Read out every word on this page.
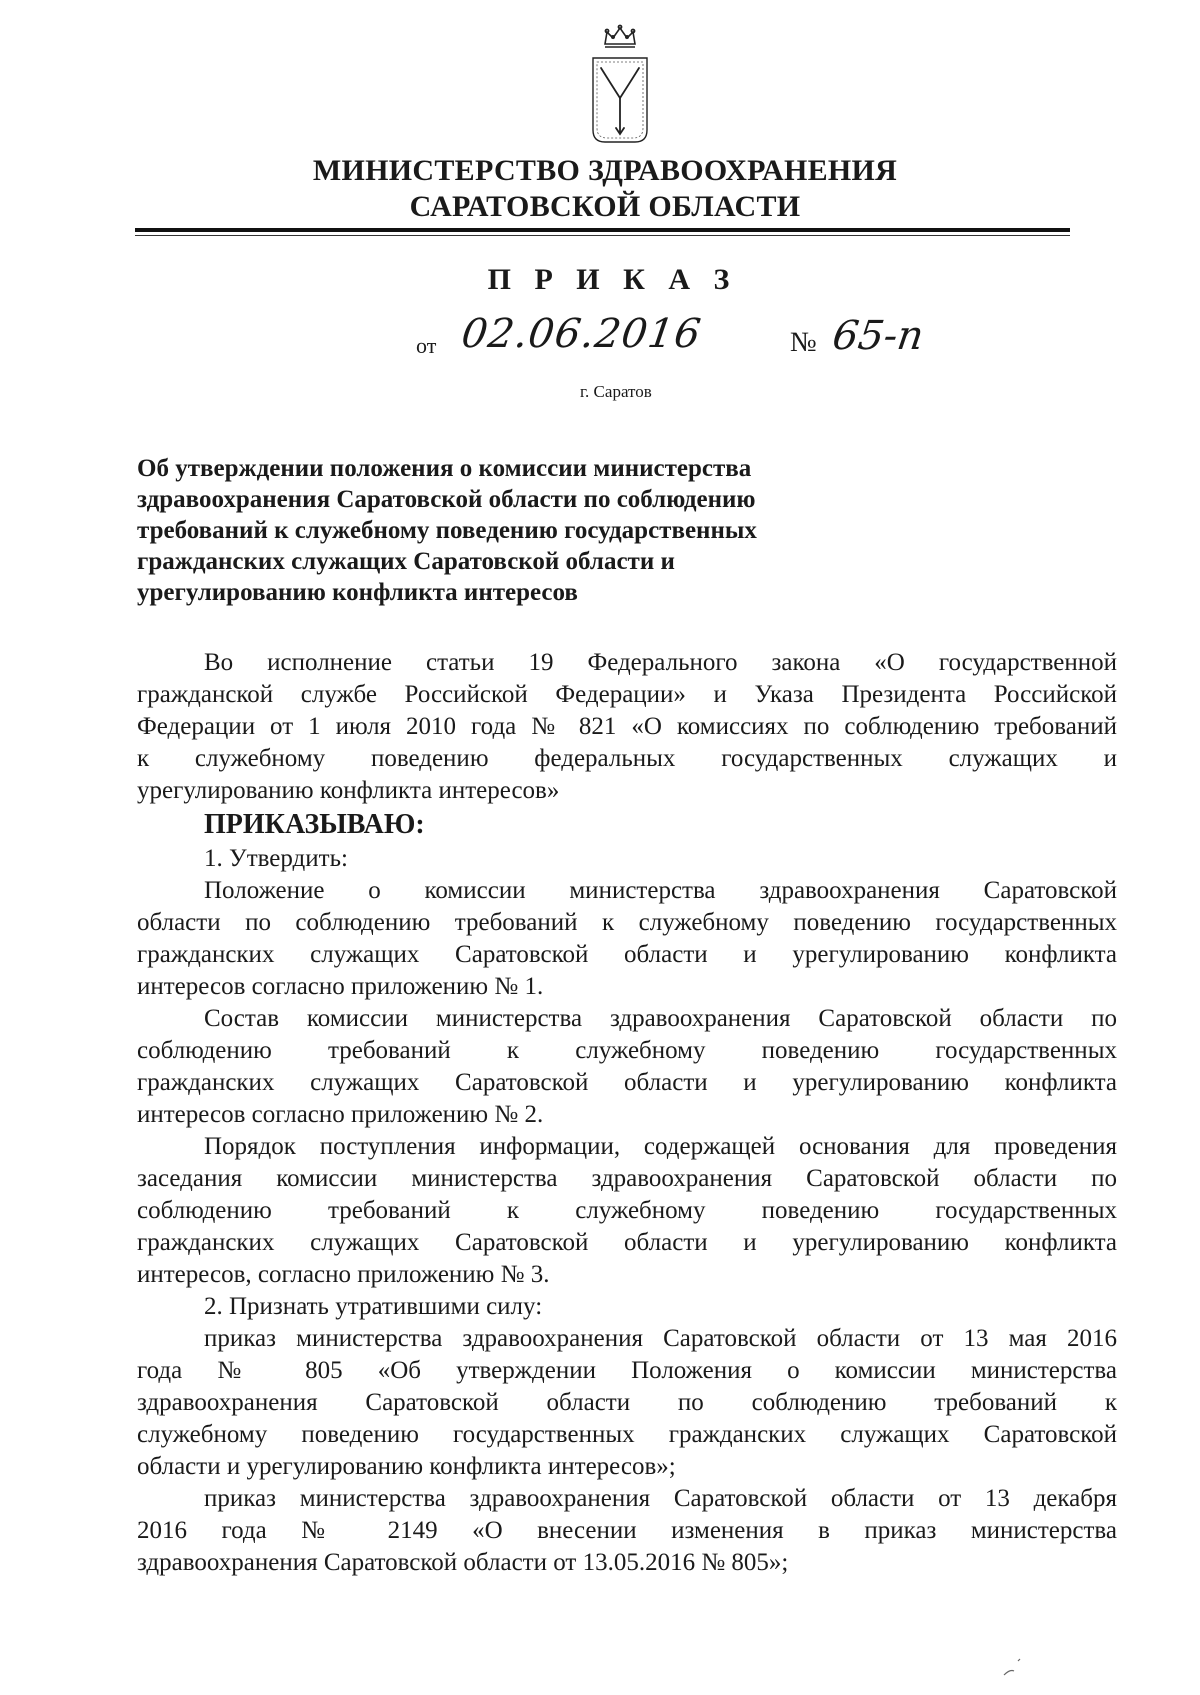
МИНИСТЕРСТВО ЗДРАВООХРАНЕНИЯ
САРАТОВСКОЙ ОБЛАСТИ
П Р И К А З
от 02.06.2016	№ 65-п
г. Саратов
Об утверждении положения о комиссии министерства
здравоохранения Саратовской области по соблюдению
требований к служебному поведению государственных
гражданских служащих Саратовской области и
урегулированию конфликта интересов
Во исполнение статьи 19 Федерального закона «О государственной
гражданской службе Российской Федерации» и Указа Президента Российской
Федерации от 1 июля 2010 года № 821 «О комиссиях по соблюдению требований
к служебному поведению федеральных государственных служащих и
урегулированию конфликта интересов»
ПРИКАЗЫВАЮ:
1. Утвердить:
Положение о комиссии министерства здравоохранения Саратовской
области по соблюдению требований к служебному поведению государственных
гражданских служащих Саратовской области и урегулированию конфликта
интересов согласно приложению № 1.
Состав комиссии министерства здравоохранения Саратовской области по
соблюдению требований к служебному поведению государственных
гражданских служащих Саратовской области и урегулированию конфликта
интересов согласно приложению № 2.
Порядок поступления информации, содержащей основания для проведения
заседания комиссии министерства здравоохранения Саратовской области по
соблюдению требований к служебному поведению государственных
гражданских служащих Саратовской области и урегулированию конфликта
интересов, согласно приложению № 3.
2. Признать утратившими силу:
приказ министерства здравоохранения Саратовской области от 13 мая 2016
года № 805 «Об утверждении Положения о комиссии министерства
здравоохранения Саратовской области по соблюдению требований к
служебному поведению государственных гражданских служащих Саратовской
области и урегулированию конфликта интересов»;
приказ министерства здравоохранения Саратовской области от 13 декабря
2016 года № 2149 «О внесении изменения в приказ министерства
здравоохранения Саратовской области от 13.05.2016 № 805»;
